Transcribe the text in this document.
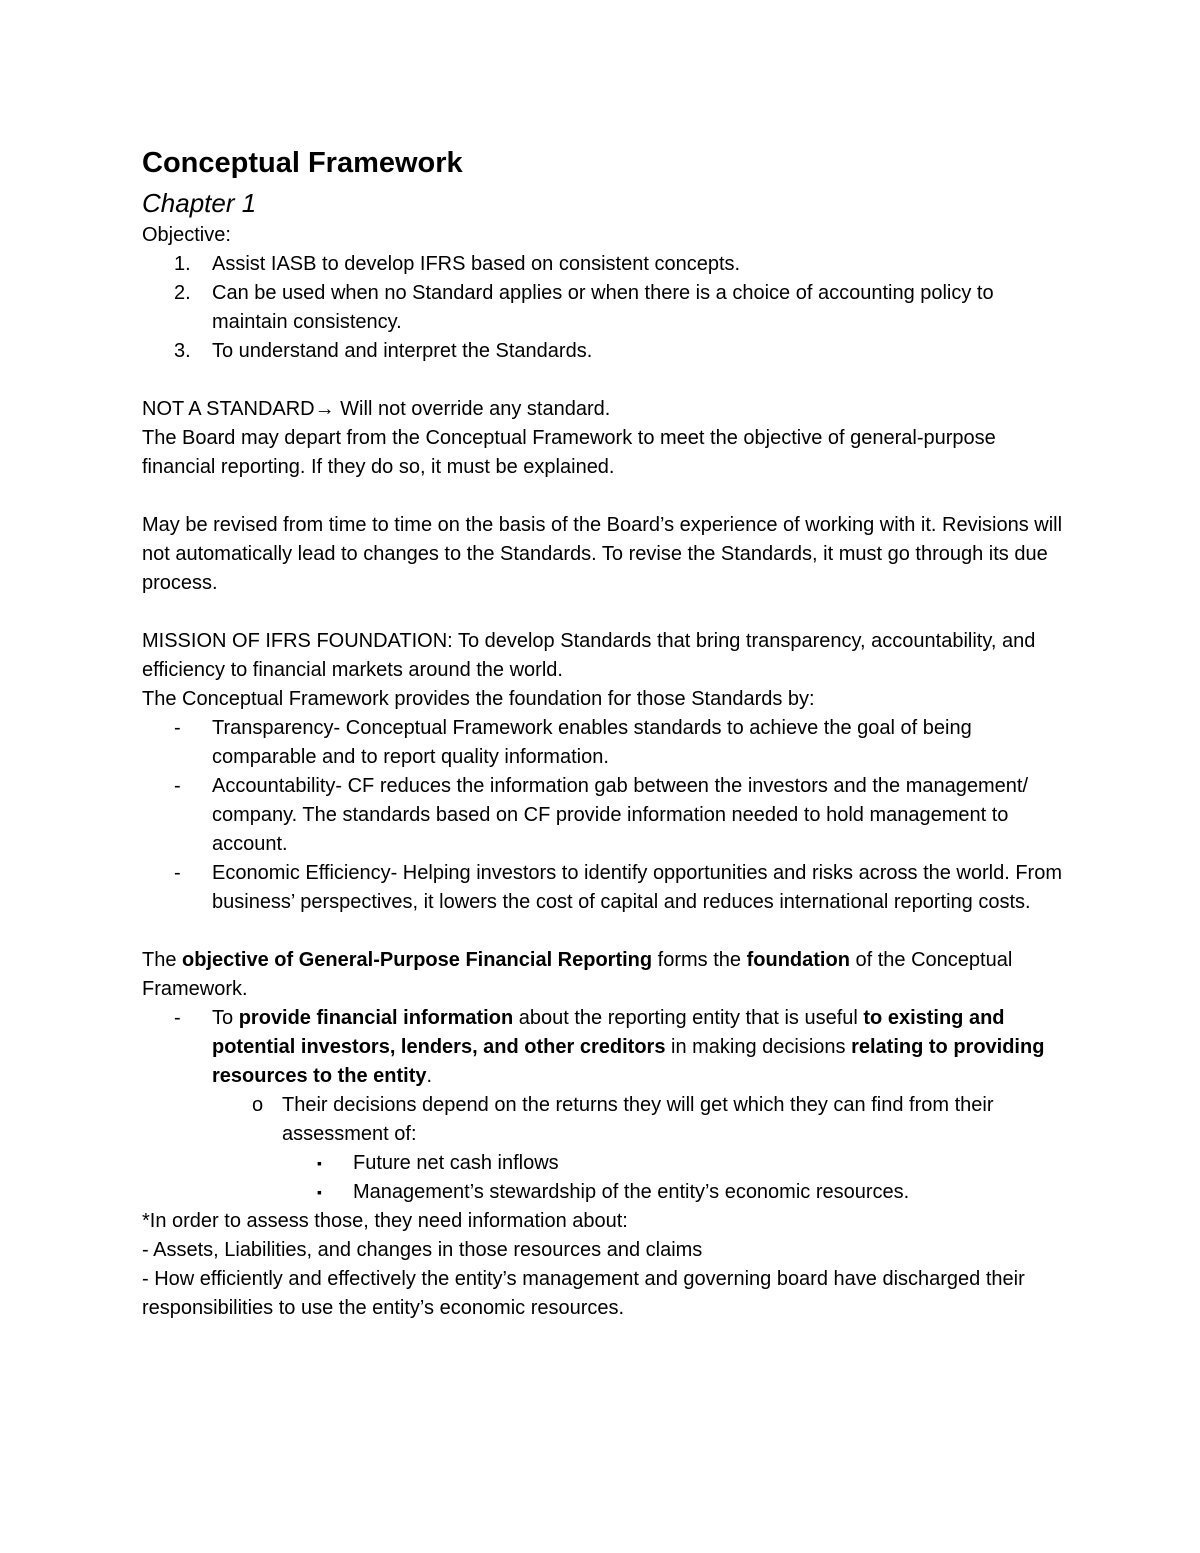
Conceptual Framework
Chapter 1

Objective:

1. Assist IASB to develop IFRS based on consistent concepts.
2. Can be used when no Standard applies or when there is a choice of accounting policy to maintain consistency.
3. To understand and interpret the Standards.

NOT A STANDARD→ Will not override any standard.

The Board may depart from the Conceptual Framework to meet the objective of general-purpose financial reporting. If they do so, it must be explained.

May be revised from time to time on the basis of the Board’s experience of working with it. Revisions will not automatically lead to changes to the Standards. To revise the Standards, it must go through its due process.

MISSION OF IFRS FOUNDATION: To develop Standards that bring transparency, accountability, and efficiency to financial markets around the world.

The Conceptual Framework provides the foundation for those Standards by:

- Transparency- Conceptual Framework enables standards to achieve the goal of being comparable and to report quality information.
- Accountability- CF reduces the information gab between the investors and the management/ company. The standards based on CF provide information needed to hold management to account.
- Economic Efficiency- Helping investors to identify opportunities and risks across the world. From business’ perspectives, it lowers the cost of capital and reduces international reporting costs.

The objective of General-Purpose Financial Reporting forms the foundation of the Conceptual Framework.

- To provide financial information about the reporting entity that is useful to existing and potential investors, lenders, and other creditors in making decisions relating to providing resources to the entity.
o Their decisions depend on the returns they will get which they can find from their assessment of:
▪ Future net cash inflows
▪ Management’s stewardship of the entity’s economic resources.

*In order to assess those, they need information about:

- Assets, Liabilities, and changes in those resources and claims

- How efficiently and effectively the entity’s management and governing board have discharged their responsibilities to use the entity’s economic resources.
